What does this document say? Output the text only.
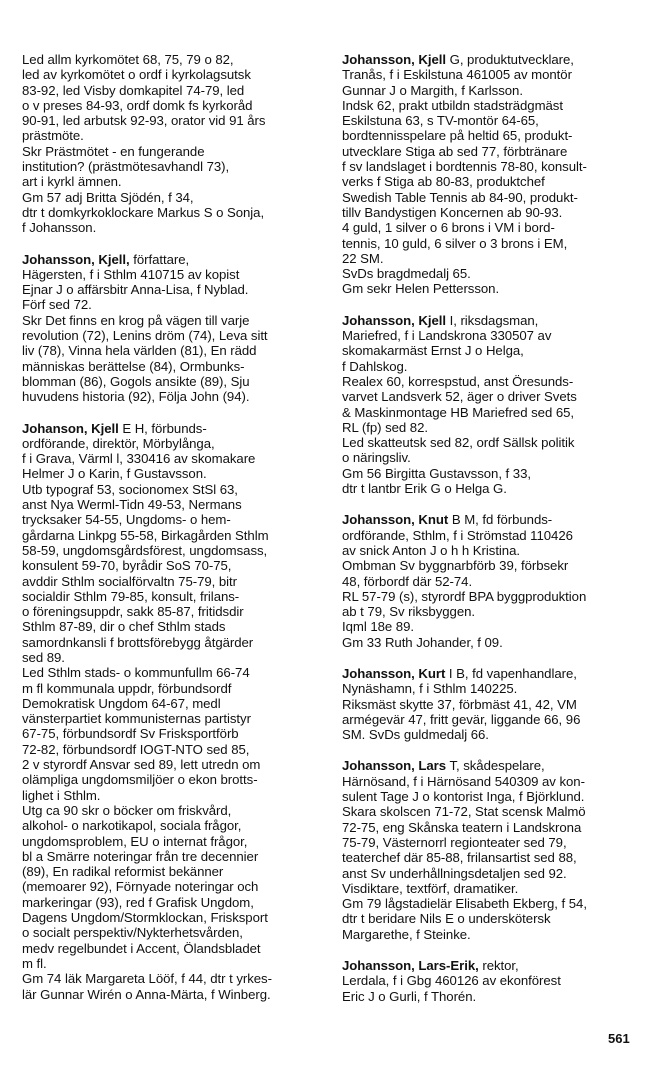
Led allm kyrkomötet 68, 75, 79 o 82,
led av kyrkomötet o ordf i kyrkolagsutsk
83-92, led Visby domkapitel 74-79, led
o v preses 84-93, ordf domk fs kyrkoråd
90-91, led arbutsk 92-93, orator vid 91 års
prästmöte.
Skr Prästmötet - en fungerande
institution? (prästmötesavhandl 73),
art i kyrkl ämnen.
Gm 57 adj Britta Sjödén, f 34,
dtr t domkyrkoklockare Markus S o Sonja,
f Johansson.

Johansson, Kjell, författare,
Hägersten, f i Sthlm 410715 av kopist
Ejnar J o affärsbitr Anna-Lisa, f Nyblad.
Förf sed 72.
Skr Det finns en krog på vägen till varje
revolution (72), Lenins dröm (74), Leva sitt
liv (78), Vinna hela världen (81), En rädd
människas berättelse (84), Ormbunks-
blomman (86), Gogols ansikte (89), Sju
huvudens historia (92), Följa John (94).

Johanson, Kjell E H, förbunds-
ordförande, direktör, Mörbylånga,
f i Grava, Värml l, 330416 av skomakare
Helmer J o Karin, f Gustavsson.
Utb typograf 53, socionomex StSl 63,
anst Nya Werml-Tidn 49-53, Nermans
trycksaker 54-55, Ungdoms- o hem-
gårdarna Linkpg 55-58, Birkagården Sthlm
58-59, ungdomsgårdsförest, ungdomsass,
konsulent 59-70, byrådir SoS 70-75,
avddir Sthlm socialförvaltn 75-79, bitr
socialdir Sthlm 79-85, konsult, frilans-
o föreningsuppdr, sakk 85-87, fritidsdir
Sthlm 87-89, dir o chef Sthlm stads
samordnkansli f brottsförebygg åtgärder
sed 89.
Led Sthlm stads- o kommunfullm 66-74
m fl kommunala uppdr, förbundsordf
Demokratisk Ungdom 64-67, medl
vänsterpartiet kommunisternas partistyr
67-75, förbundsordf Sv Frisksportförb
72-82, förbundsordf IOGT-NTO sed 85,
2 v styrordf Ansvar sed 89, lett utredn om
olämpliga ungdomsmiljöer o ekon brotts-
lighet i Sthlm.
Utg ca 90 skr o böcker om friskvård,
alkohol- o narkotikapol, sociala frågor,
ungdomsproblem, EU o internat frågor,
bl a Smärre noteringar från tre decennier
(89), En radikal reformist bekänner
(memoarer 92), Förnyade noteringar och
markeringar (93), red f Grafisk Ungdom,
Dagens Ungdom/Stormklockan, Frisksport
o socialt perspektiv/Nykterhetsvården,
medv regelbundet i Accent, Ölandsbladet
m fl.
Gm 74 läk Margareta Lööf, f 44, dtr t yrkes-
lär Gunnar Wirén o Anna-Märta, f Winberg.

Johansson, Kjell G, produktutvecklare,
Tranås, f i Eskilstuna 461005 av montör
Gunnar J o Margith, f Karlsson.
Indsk 62, prakt utbildn stadsträdgmäst
Eskilstuna 63, s TV-montör 64-65,
bordtennisspelare på heltid 65, produkt-
utvecklare Stiga ab sed 77, förbtränare
f sv landslaget i bordtennis 78-80, konsult-
verks f Stiga ab 80-83, produktchef
Swedish Table Tennis ab 84-90, produkt-
tillv Bandystigen Koncernen ab 90-93.
4 guld, 1 silver o 6 brons i VM i bord-
tennis, 10 guld, 6 silver o 3 brons i EM,
22 SM.
SvDs bragdmedalj 65.
Gm sekr Helen Pettersson.

Johansson, Kjell I, riksdagsman,
Mariefred, f i Landskrona 330507 av
skomakarmäst Ernst J o Helga,
f Dahlskog.
Realex 60, korrespstud, anst Öresunds-
varvet Landsverk 52, äger o driver Svets
& Maskinmontage HB Mariefred sed 65,
RL (fp) sed 82.
Led skatteutsk sed 82, ordf Sällsk politik
o näringsliv.
Gm 56 Birgitta Gustavsson, f 33,
dtr t lantbr Erik G o Helga G.

Johansson, Knut B M, fd förbunds-
ordförande, Sthlm, f i Strömstad 110426
av snick Anton J o h h Kristina.
Ombman Sv byggnarbförb 39, förbsekr
48, förbordf där 52-74.
RL 57-79 (s), styrordf BPA byggproduktion
ab t 79, Sv riksbyggen.
Iqml 18e 89.
Gm 33 Ruth Johander, f 09.

Johansson, Kurt I B, fd vapenhandlare,
Nynäshamn, f i Sthlm 140225.
Riksmäst skytte 37, förbmäst 41, 42, VM
armégevär 47, fritt gevär, liggande 66, 96
SM. SvDs guldmedalj 66.

Johansson, Lars T, skådespelare,
Härnösand, f i Härnösand 540309 av kon-
sulent Tage J o kontorist Inga, f Björklund.
Skara skolscen 71-72, Stat scensk Malmö
72-75, eng Skånska teatern i Landskrona
75-79, Västernorrl regionteater sed 79,
teaterchef där 85-88, frilansartist sed 88,
anst Sv underhållningsdetaljen sed 92.
Visdiktare, textförf, dramatiker.
Gm 79 lågstadielär Elisabeth Ekberg, f 54,
dtr t beridare Nils E o underskötersk
Margarethe, f Steinke.

Johansson, Lars-Erik, rektor,
Lerdala, f i Gbg 460126 av ekonförest
Eric J o Gurli, f Thorén.

561
